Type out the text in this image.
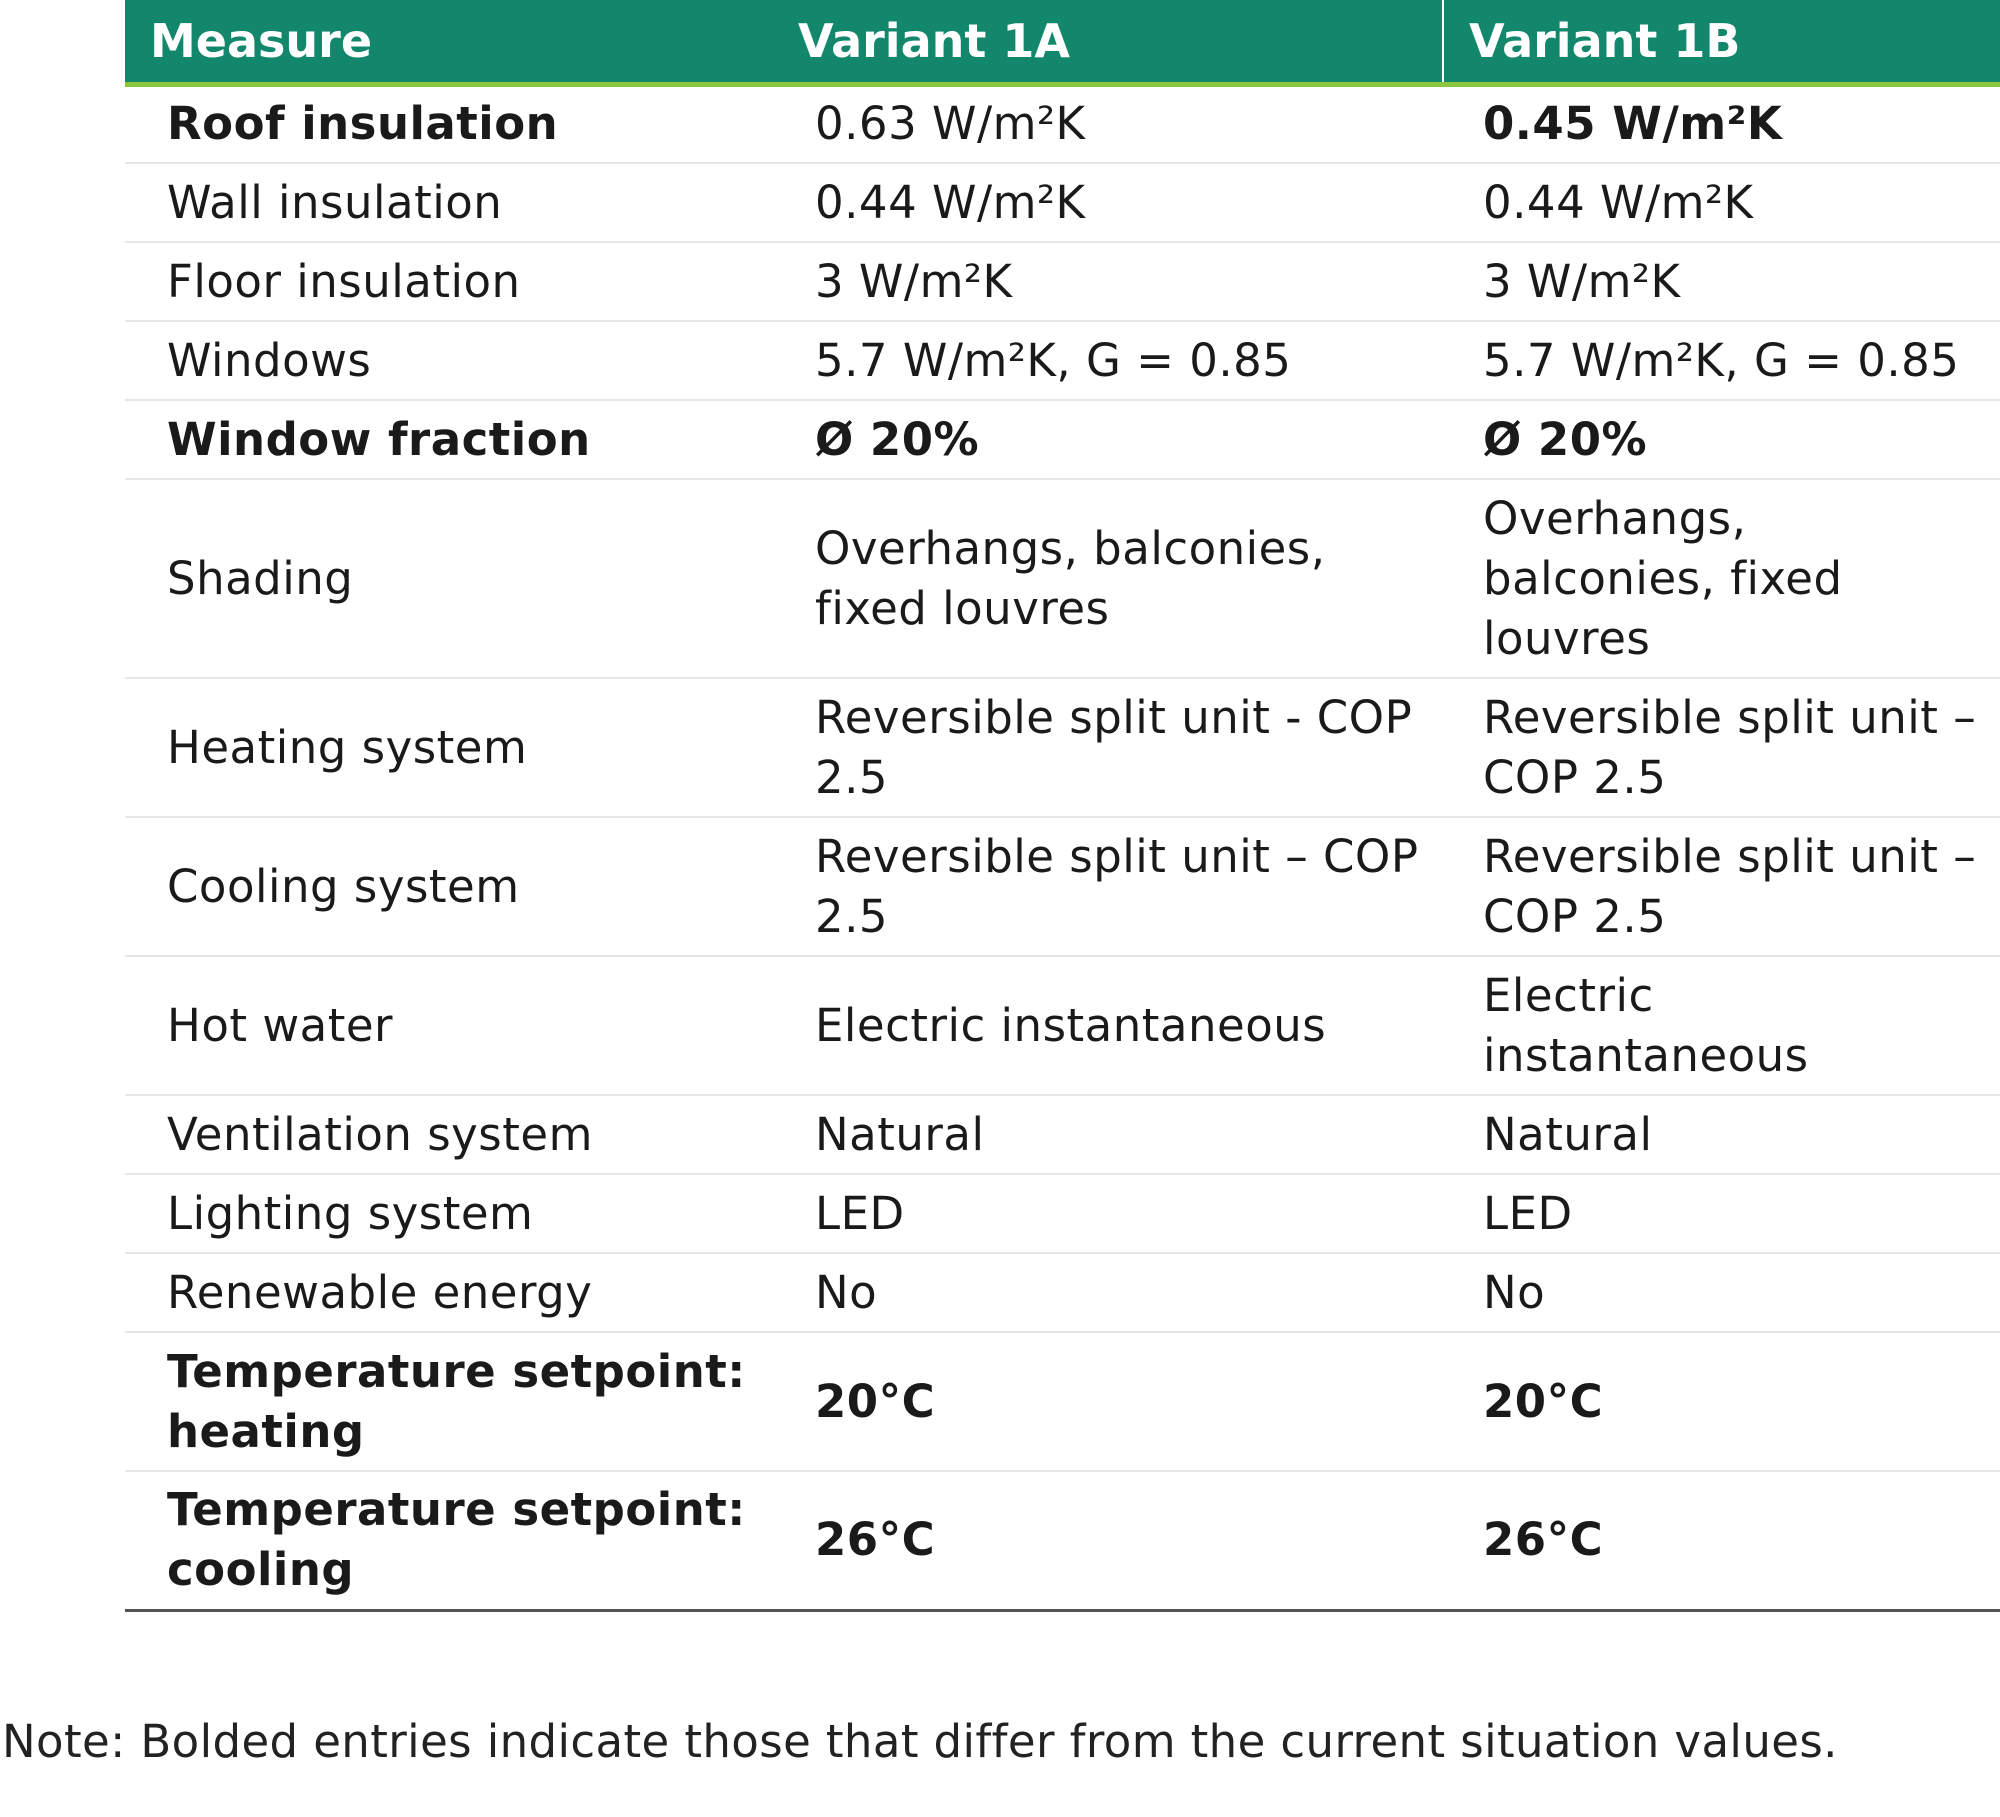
Measure	Variant 1A	Variant 1B
Roof insulation	0.63 W/m²K	0.45 W/m²K
Wall insulation	0.44 W/m²K	0.44 W/m²K
Floor insulation	3 W/m²K	3 W/m²K
Windows	5.7 W/m²K, G = 0.85	5.7 W/m²K, G = 0.85
Window fraction	Ø 20%	Ø 20%
Shading	Overhangs, balconies, fixed louvres	Overhangs, balconies, fixed louvres
Heating system	Reversible split unit - COP 2.5	Reversible split unit – COP 2.5
Cooling system	Reversible split unit – COP 2.5	Reversible split unit – COP 2.5
Hot water	Electric instantaneous	Electric instantaneous
Ventilation system	Natural	Natural
Lighting system	LED	LED
Renewable energy	No	No
Temperature setpoint: heating	20°C	20°C
Temperature setpoint: cooling	26°C	26°C
Note: Bolded entries indicate those that differ from the current situation values.
